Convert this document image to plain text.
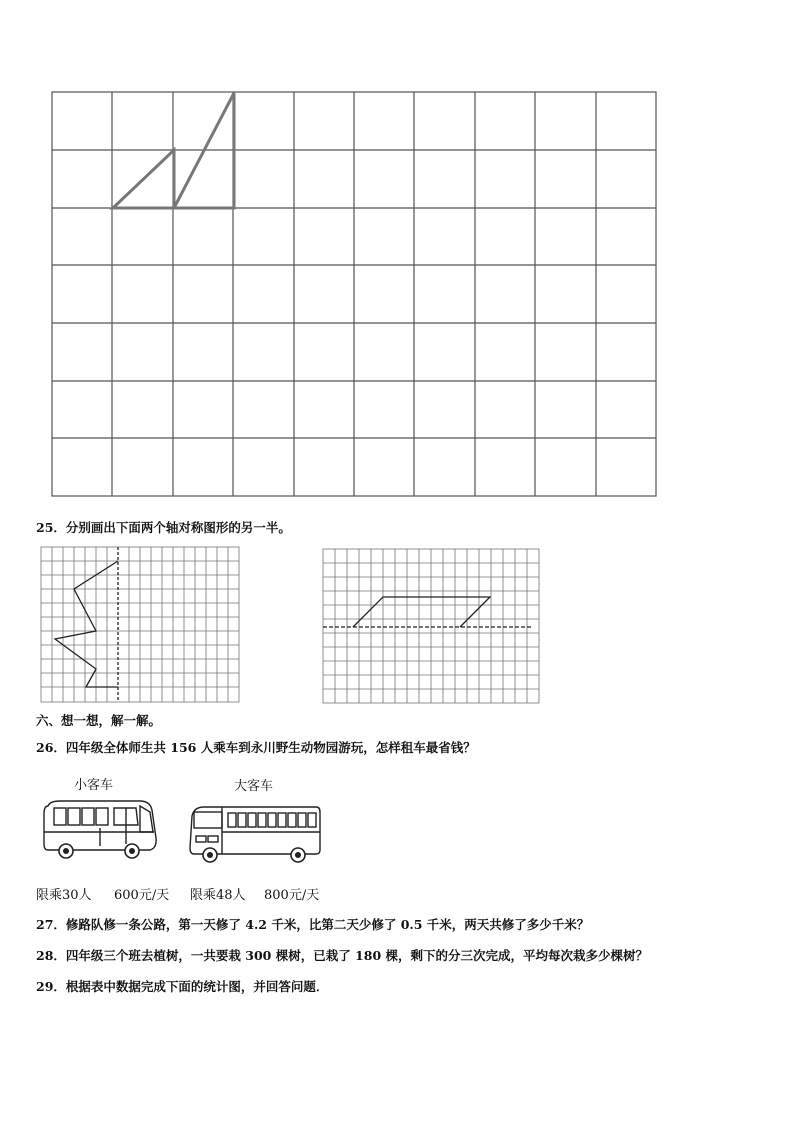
25．分别画出下面两个轴对称图形的另一半。
六、想一想，解一解。
26．四年级全体师生共 156 人乘车到永川野生动物园游玩，怎样租车最省钱？
小客车	大客车
限乘30人 600元/天 限乘48人 800元/天
27．修路队修一条公路，第一天修了 4.2 千米，比第二天少修了 0.5 千米，两天共修了多少千米？
28．四年级三个班去植树，一共要栽 300 棵树，已栽了 180 棵，剩下的分三次完成，平均每次栽多少棵树？
29．根据表中数据完成下面的统计图，并回答问题．
